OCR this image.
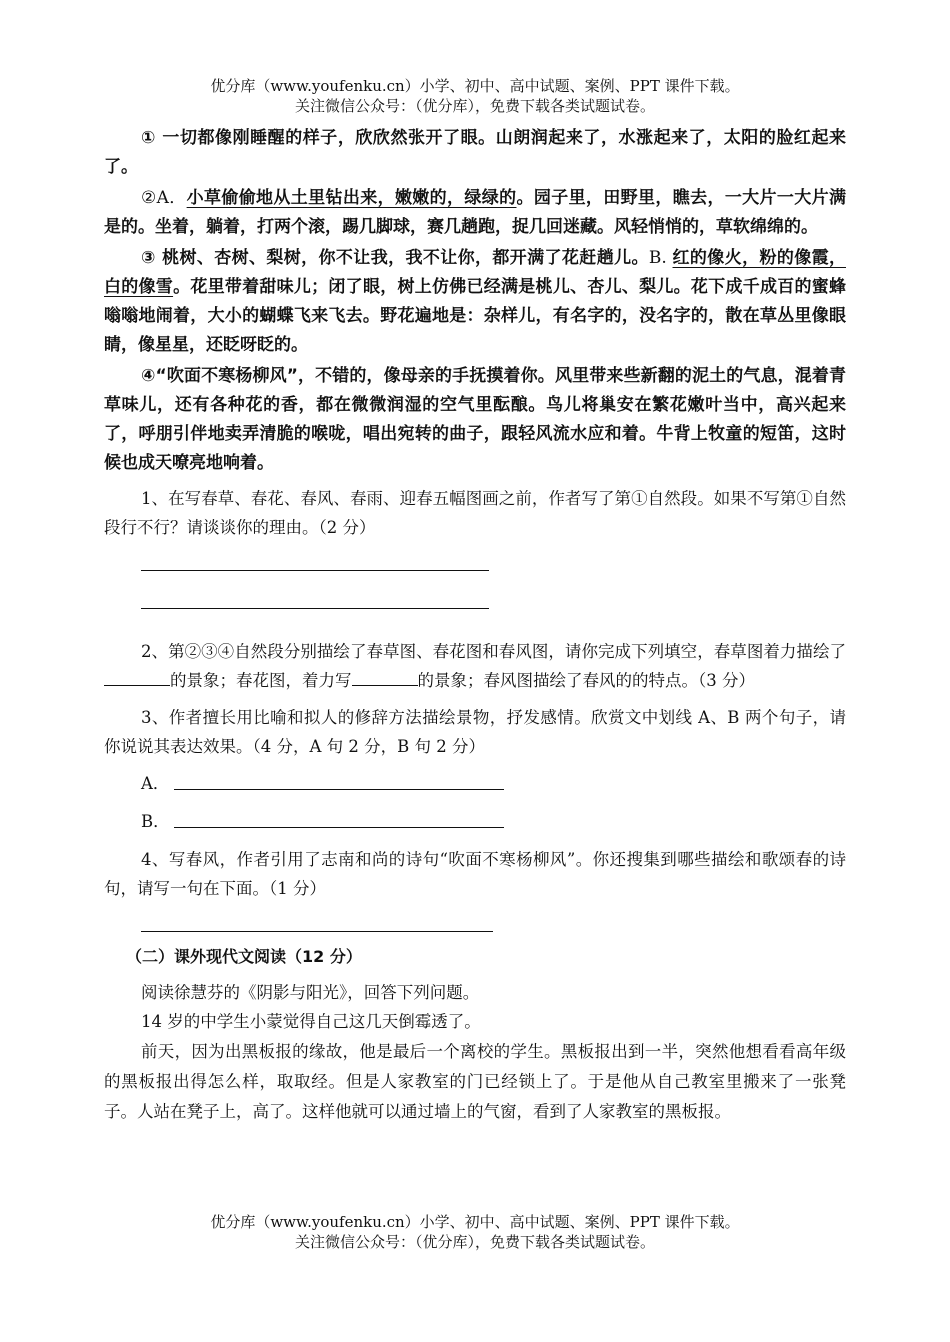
优分库（www.youfenku.cn）小学、初中、高中试题、案例、PPT 课件下载。
关注微信公众号：（优分库），免费下载各类试题试卷。

① 一切都像刚睡醒的样子，欣欣然张开了眼。山朗润起来了，水涨起来了，太阳的脸红起来了。

②A．小草偷偷地从土里钻出来，嫩嫩的，绿绿的。园子里，田野里，瞧去，一大片一大片满是的。坐着，躺着，打两个滚，踢几脚球，赛几趟跑，捉几回迷藏。风轻悄悄的，草软绵绵的。

③ 桃树、杏树、梨树，你不让我，我不让你，都开满了花赶趟儿。B. 红的像火，粉的像霞，白的像雪。花里带着甜味儿；闭了眼，树上仿佛已经满是桃儿、杏儿、梨儿。花下成千成百的蜜蜂嗡嗡地闹着，大小的蝴蝶飞来飞去。野花遍地是：杂样儿，有名字的，没名字的，散在草丛里像眼睛，像星星，还眨呀眨的。

④“吹面不寒杨柳风”，不错的，像母亲的手抚摸着你。风里带来些新翻的泥土的气息，混着青草味儿，还有各种花的香，都在微微润湿的空气里酝酿。鸟儿将巢安在繁花嫩叶当中，高兴起来了，呼朋引伴地卖弄清脆的喉咙，唱出宛转的曲子，跟轻风流水应和着。牛背上牧童的短笛，这时候也成天嘹亮地响着。

1、在写春草、春花、春风、春雨、迎春五幅图画之前，作者写了第①自然段。如果不写第①自然段行不行？请谈谈你的理由。（2 分）

2、第②③④自然段分别描绘了春草图、春花图和春风图，请你完成下列填空，春草图着力描绘了的景象；春花图，着力写	的景象；春风图描绘了春风的的特点。（3 分）

3、作者擅长用比喻和拟人的修辞方法描绘景物，抒发感情。欣赏文中划线 A、B 两个句子，请你说说其表达效果。（4 分，A 句 2 分，B 句 2 分）

A．
B．

4、写春风，作者引用了志南和尚的诗句“吹面不寒杨柳风”。你还搜集到哪些描绘和歌颂春的诗句，请写一句在下面。（1 分）

（二）课外现代文阅读（12 分）

阅读徐慧芬的《阴影与阳光》，回答下列问题。

14 岁的中学生小蒙觉得自己这几天倒霉透了。

前天，因为出黑板报的缘故，他是最后一个离校的学生。黑板报出到一半，突然他想看看高年级的黑板报出得怎么样，取取经。但是人家教室的门已经锁上了。于是他从自己教室里搬来了一张凳子。人站在凳子上，高了。这样他就可以通过墙上的气窗，看到了人家教室的黑板报。

优分库（www.youfenku.cn）小学、初中、高中试题、案例、PPT 课件下载。
关注微信公众号：（优分库），免费下载各类试题试卷。
